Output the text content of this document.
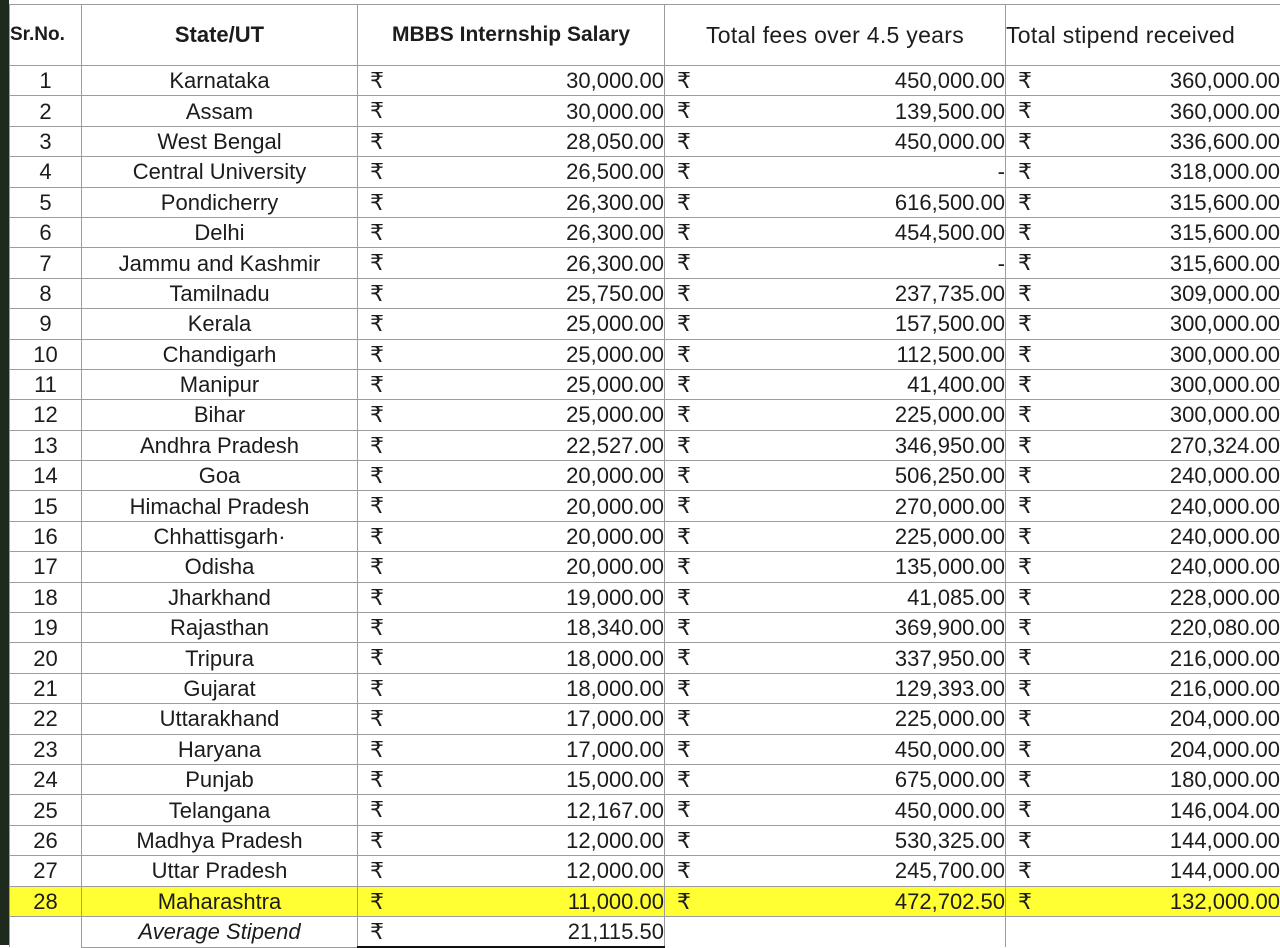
Sr.No.	State/UT	MBBS Internship Salary	Total fees over 4.5 years	Total stipend received
1	Karnataka	₹ 30,000.00	₹ 450,000.00	₹ 360,000.00
2	Assam	₹ 30,000.00	₹ 139,500.00	₹ 360,000.00
3	West Bengal	₹ 28,050.00	₹ 450,000.00	₹ 336,600.00
4	Central University	₹ 26,500.00	₹ -	₹ 318,000.00
5	Pondicherry	₹ 26,300.00	₹ 616,500.00	₹ 315,600.00
6	Delhi	₹ 26,300.00	₹ 454,500.00	₹ 315,600.00
7	Jammu and Kashmir	₹ 26,300.00	₹ -	₹ 315,600.00
8	Tamilnadu	₹ 25,750.00	₹ 237,735.00	₹ 309,000.00
9	Kerala	₹ 25,000.00	₹ 157,500.00	₹ 300,000.00
10	Chandigarh	₹ 25,000.00	₹ 112,500.00	₹ 300,000.00
11	Manipur	₹ 25,000.00	₹ 41,400.00	₹ 300,000.00
12	Bihar	₹ 25,000.00	₹ 225,000.00	₹ 300,000.00
13	Andhra Pradesh	₹ 22,527.00	₹ 346,950.00	₹ 270,324.00
14	Goa	₹ 20,000.00	₹ 506,250.00	₹ 240,000.00
15	Himachal Pradesh	₹ 20,000.00	₹ 270,000.00	₹ 240,000.00
16	Chhattisgarh·	₹ 20,000.00	₹ 225,000.00	₹ 240,000.00
17	Odisha	₹ 20,000.00	₹ 135,000.00	₹ 240,000.00
18	Jharkhand	₹ 19,000.00	₹ 41,085.00	₹ 228,000.00
19	Rajasthan	₹ 18,340.00	₹ 369,900.00	₹ 220,080.00
20	Tripura	₹ 18,000.00	₹ 337,950.00	₹ 216,000.00
21	Gujarat	₹ 18,000.00	₹ 129,393.00	₹ 216,000.00
22	Uttarakhand	₹ 17,000.00	₹ 225,000.00	₹ 204,000.00
23	Haryana	₹ 17,000.00	₹ 450,000.00	₹ 204,000.00
24	Punjab	₹ 15,000.00	₹ 675,000.00	₹ 180,000.00
25	Telangana	₹ 12,167.00	₹ 450,000.00	₹ 146,004.00
26	Madhya Pradesh	₹ 12,000.00	₹ 530,325.00	₹ 144,000.00
27	Uttar Pradesh	₹ 12,000.00	₹ 245,700.00	₹ 144,000.00
28	Maharashtra	₹ 11,000.00	₹ 472,702.50	₹ 132,000.00
	Average Stipend	₹ 21,115.50		
